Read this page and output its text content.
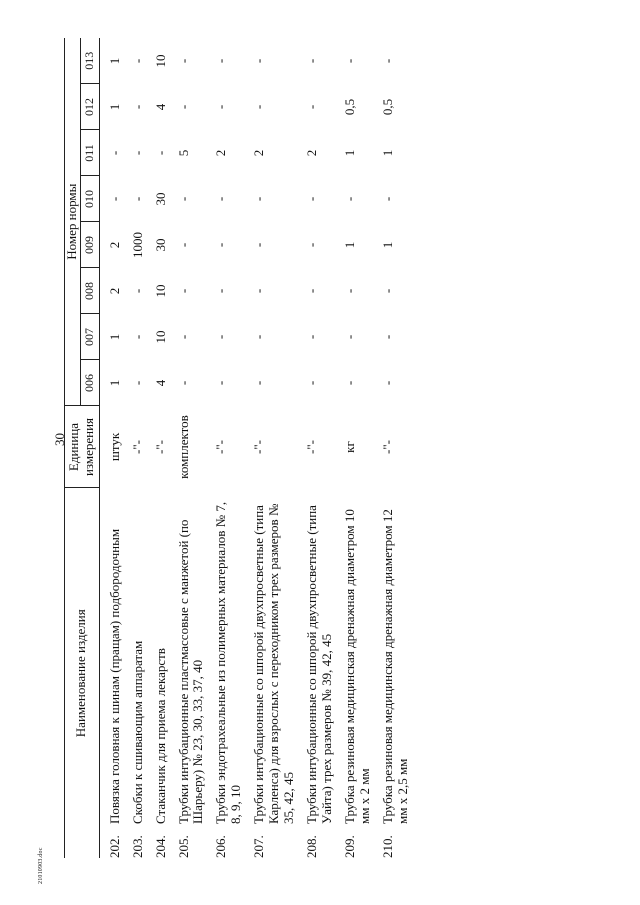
30
21010903.doc
Наименование изделия	Единица измерения	Номер нормы							
		006	007	008	009	010	011	012	013

202.
Повязка головная к шинам (пращам) подбородочным	штук	1	1	2	2	-	-	1	1

203.
Скобки к сшивающим аппаратам	-"-	-	-	-	1000	-	-	-	-

204.
Стаканчик для приема лекарств	-"-	4	10	10	30	30	-	4	10

205.
Трубки интубационные пластмассовые с манжетой (по Шарьеру) № 23, 30, 33, 37, 40	комплектов	-	-	-	-	-	5	-	-

206.
Трубки эндотрахеальные из полимерных материалов № 7, 8, 9, 10	-"-	-	-	-	-	-	2	-	-

207.
Трубки интубационные со шпорой двухпросветные (типа Карленса) для взрослых с переходником трех размеров № 35, 42, 45	-"-	-	-	-	-	-	2	-	-

208.
Трубки интубационные со шпорой двухпросветные (типа Уайта) трех размеров № 39, 42, 45	-"-	-	-	-	-	-	2	-	-

209.
Трубка резиновая медицинская дренажная диаметром 10 мм х 2 мм	кг	-	-	-	1	-	1	0,5	-

210.
Трубка резиновая медицинская дренажная диаметром 12 мм х 2,5 мм	-"-	-	-	-	1	-	1	0,5	-
